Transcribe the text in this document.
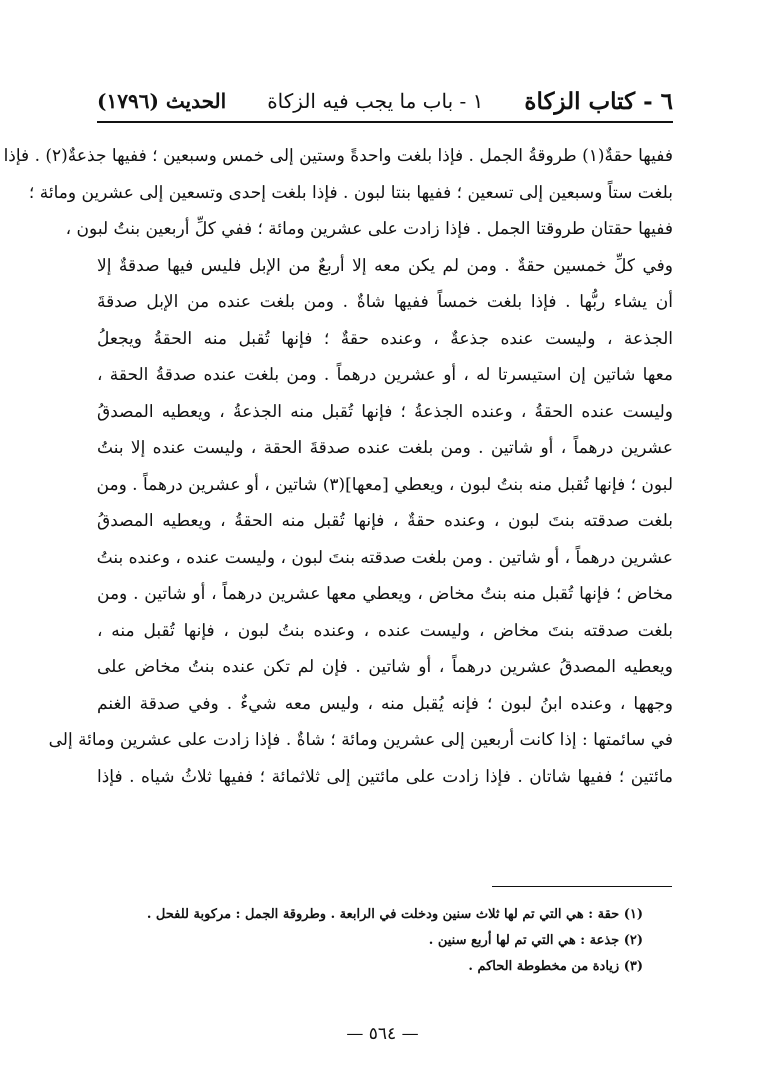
٦ - كتاب الزكاة
١ - باب ما يجب فيه الزكاة
الحديث (١٧٩٦)
ففيها حقةٌ(١) طروقةُ الجمل . فإذا بلغت واحدةً وستين إلى خمس وسبعين ؛ ففيها جذعةٌ(٢) . فإذا
بلغت ستاً وسبعين إلى تسعين ؛ ففيها بنتا لبون . فإذا بلغت إحدى وتسعين إلى عشرين ومائة ؛
ففيها حقتان طروقتا الجمل . فإذا زادت على عشرين ومائة ؛ ففي كلِّ أربعين بنتُ لبون ،
وفي كلِّ خمسين حقةٌ . ومن لم يكن معه إلا أربعٌ من الإبل فليس فيها صدقةٌ إلا
أن يشاء ربُّها . فإذا بلغت خمساً ففيها شاةٌ . ومن بلغت عنده من الإبل صدقةَ
الجذعة ، وليست عنده جذعةٌ ، وعنده حقةٌ ؛ فإنها تُقبل منه الحقةُ ويجعلُ
معها شاتين إن استيسرتا له ، أو عشرين درهماً . ومن بلغت عنده صدقةُ الحقة ،
وليست عنده الحقةُ ، وعنده الجذعةُ ؛ فإنها تُقبل منه الجذعةُ ، ويعطيه المصدقُ
عشرين درهماً ، أو شاتين . ومن بلغت عنده صدقةَ الحقة ، وليست عنده إلا بنتُ
لبون ؛ فإنها تُقبل منه بنتُ لبون ، ويعطي [معها](٣) شاتين ، أو عشرين درهماً . ومن
بلغت صدقته بنتَ لبون ، وعنده حقةٌ ، فإنها تُقبل منه الحقةُ ، ويعطيه المصدقُ
عشرين درهماً ، أو شاتين . ومن بلغت صدقته بنتَ لبون ، وليست عنده ، وعنده بنتُ
مخاض ؛ فإنها تُقبل منه بنتُ مخاض ، ويعطي معها عشرين درهماً ، أو شاتين . ومن
بلغت صدقته بنتَ مخاض ، وليست عنده ، وعنده بنتُ لبون ، فإنها تُقبل منه ،
ويعطيه المصدقُ عشرين درهماً ، أو شاتين . فإن لم تكن عنده بنتُ مخاض على
وجهها ، وعنده ابنُ لبون ؛ فإنه يُقبل منه ، وليس معه شيءٌ . وفي صدقة الغنم
في سائمتها : إذا كانت أربعين إلى عشرين ومائة ؛ شاةٌ . فإذا زادت على عشرين ومائة إلى
مائتين ؛ ففيها شاتان . فإذا زادت على مائتين إلى ثلاثمائة ؛ ففيها ثلاثُ شياه . فإذا
(١) حقة : هي التي تم لها ثلاث سنين ودخلت في الرابعة . وطروقة الجمل : مركوبة للفحل .
(٢) جذعة : هي التي تم لها أربع سنين .
(٣) زيادة من مخطوطة الحاكم .
— ٥٦٤ —
